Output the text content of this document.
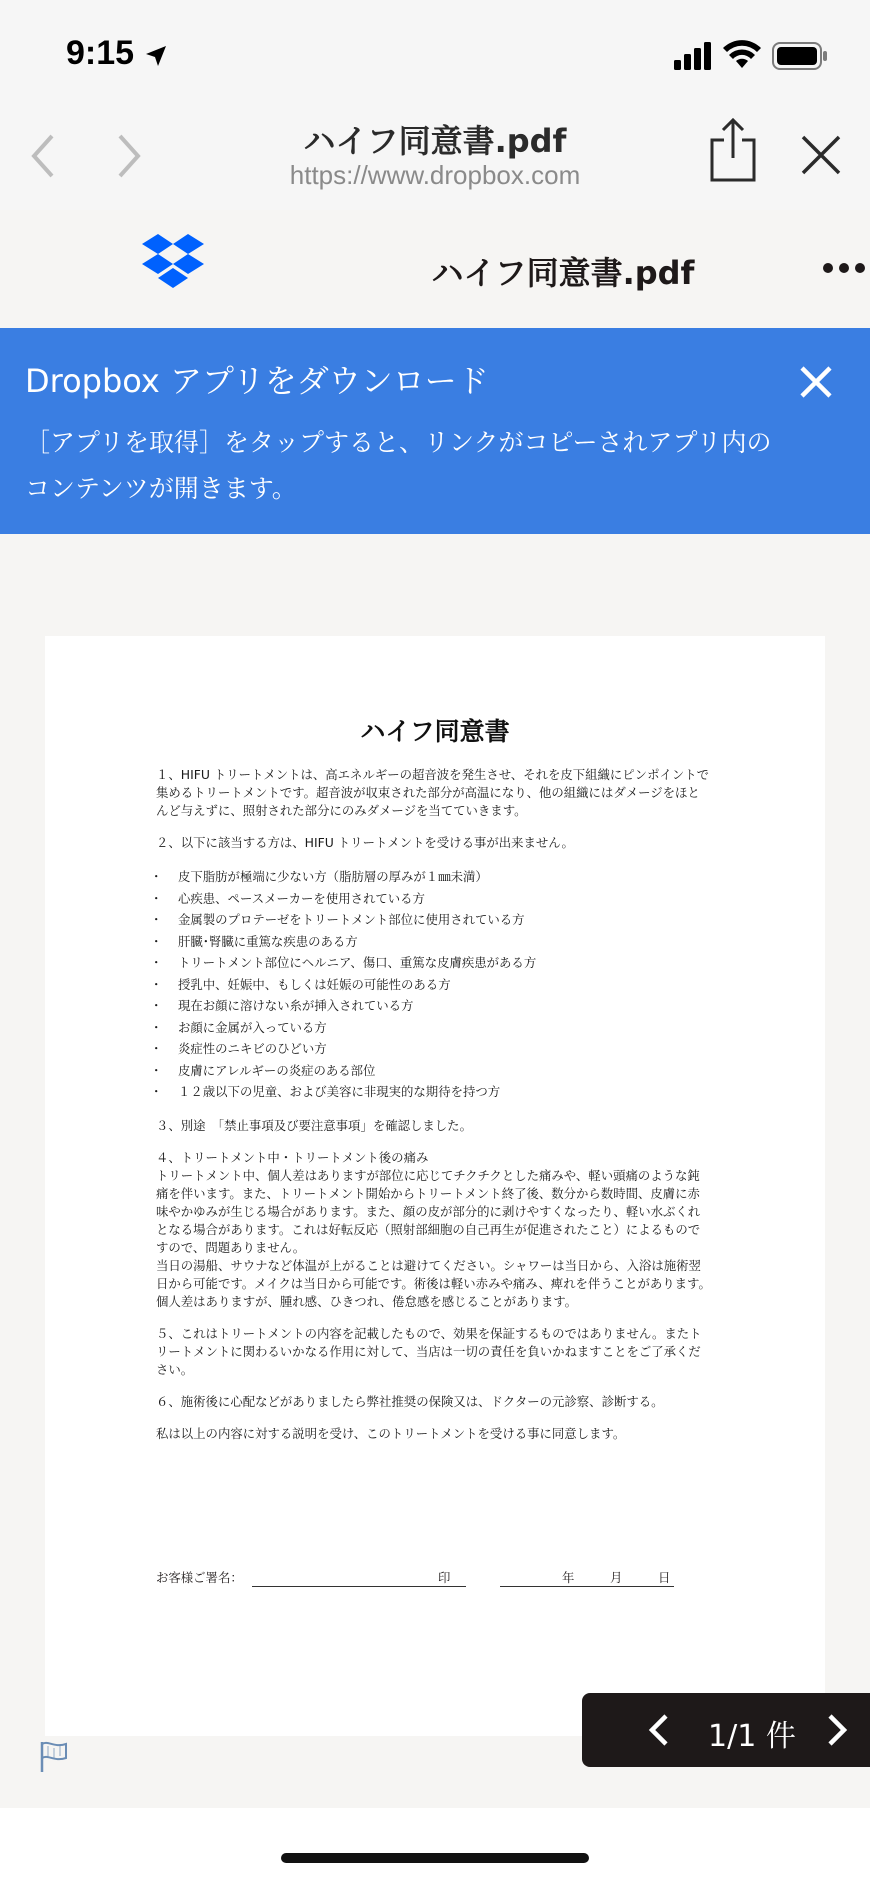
9:15
ハイフ同意書.pdf
https://www.dropbox.com
ハイフ同意書.pdf
Dropbox アプリをダウンロード
［アプリを取得］をタップすると、リンクがコピーされアプリ内のコンテンツが開きます。
ハイフ同意書

１、HIFU トリートメントは、高エネルギーの超音波を発生させ、それを皮下組織にピンポイントで集めるトリートメントです。超音波が収束された部分が高温になり、他の組織にはダメージをほとんど与えずに、照射された部分にのみダメージを当てていきます。

２、以下に該当する方は、HIFU トリートメントを受ける事が出来ません。

・ 皮下脂肪が極端に少ない方（脂肪層の厚みが１㎜未満）
・ 心疾患、ペースメーカーを使用されている方
・ 金属製のプロテーゼをトリートメント部位に使用されている方
・ 肝臓･腎臓に重篤な疾患のある方
・ トリートメント部位にヘルニア、傷口、重篤な皮膚疾患がある方
・ 授乳中、妊娠中、もしくは妊娠の可能性のある方
・ 現在お顔に溶けない糸が挿入されている方
・ お顔に金属が入っている方
・ 炎症性のニキビのひどい方
・ 皮膚にアレルギーの炎症のある部位
・ １２歳以下の児童、および美容に非現実的な期待を持つ方

３、別途　「禁止事項及び要注意事項」を確認しました。

４、トリートメント中・トリートメント後の痛み

トリートメント中、個人差はありますが部位に応じてチクチクとした痛みや、軽い頭痛のような鈍痛を伴います。また、トリートメント開始からトリートメント終了後、数分から数時間、皮膚に赤味やかゆみが生じる場合があります。また、顔の皮が部分的に剥けやすくなったり、軽い水ぶくれとなる場合があります。これは好転反応（照射部細胞の自己再生が促進されたこと）によるものですので、問題ありません。

当日の湯船、サウナなど体温が上がることは避けてください。シャワーは当日から、入浴は施術翌日から可能です。メイクは当日から可能です。術後は軽い赤みや痛み、痺れを伴うことがあります。個人差はありますが、腫れ感、ひきつれ、倦怠感を感じることがあります。

５、これはトリートメントの内容を記載したもので、効果を保証するものではありません。またトリートメントに関わるいかなる作用に対して、当店は一切の責任を負いかねますことをご了承ください。

６、施術後に心配などがありましたら弊社推奨の保険又は、ドクターの元診察、診断する。

私は以上の内容に対する説明を受け、このトリートメントを受ける事に同意します。

お客様ご署名：	印	年	月	日
1/1 件
